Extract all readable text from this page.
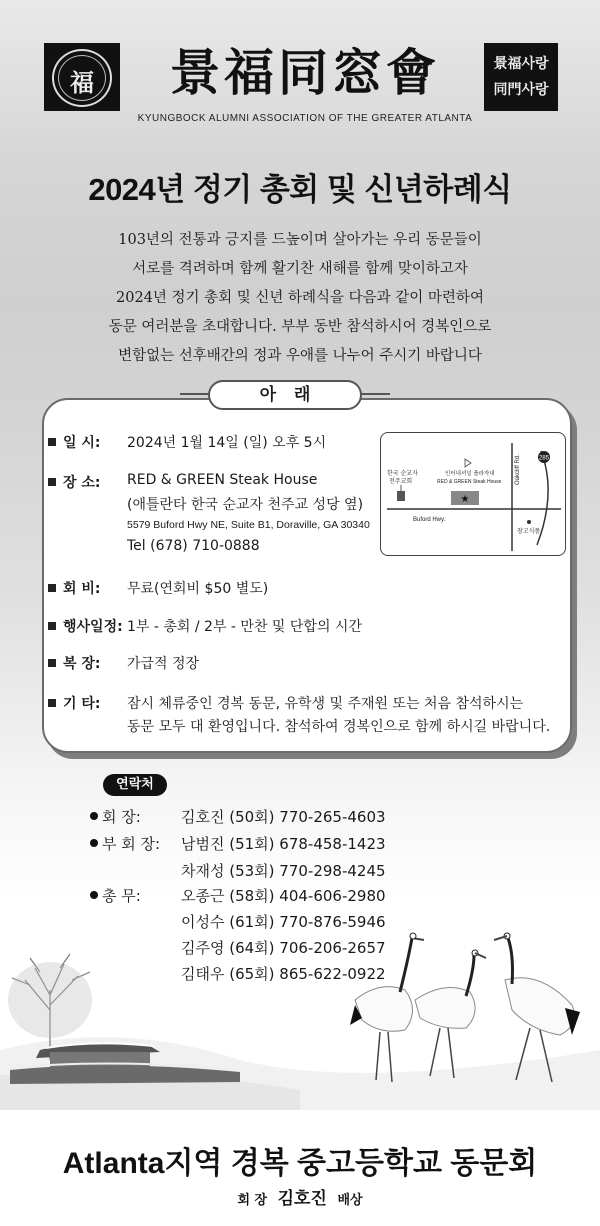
福	景福同窓會
KYUNGBOCK ALUMNI ASSOCIATION OF THE GREATER ATLANTA
景福사랑
同門사랑
2024년 정기 총회 및 신년하례식

103년의 전통과 긍지를 드높이며 살아가는 우리 동문들이

서로를 격려하며 함께 활기찬 새해를 함께 맞이하고자

2024년 정기 총회 및 신년 하례식을 다음과 같이 마련하여

동문 여러분을 초대합니다. 부부 동반 참석하시어 경복인으로

변함없는 선후배간의 정과 우애를 나누어 주시기 바랍니다

아래
일 시:	2024년 1월 14일 (일) 오후 5시
장 소:	RED & GREEN Steak House
(애틀란타 한국 순교자 천주교 성당 옆)
5579 Buford Hwy NE, Suite B1, Doraville, GA 30340
Tel (678) 710-0888
회 비:	무료(연회비 $50 별도)
행사일정: 1부 - 총회 / 2부 - 만찬 및 단합의 시간
복 장:	가급적 정장
기 타:	잠시 체류중인 경복 동문, 유학생 및 주재원 또는 처음 참석하시는
동문 모두 대 환영입니다. 참석하여 경복인으로 함께 하시길 바랍니다.
285
한국 순교자
천주교회
★
인터내셔널 플라자내
RED & GREEN Steak House
Buford Hwy.
Oakcliff Rd.
창고식품
연락처
회 장:	김호진 (50회) 770-265-4603
부 회 장:	남범진 (51회) 678-458-1423
차재성 (53회) 770-298-4245
총 무:	오종근 (58회) 404-606-2980
이성수 (61회) 770-876-5946
김주영 (64회) 706-206-2657
김태우 (65회) 865-622-0922
Atlanta지역 경복 중고등학교 동문회
회 장 김호진 배상
